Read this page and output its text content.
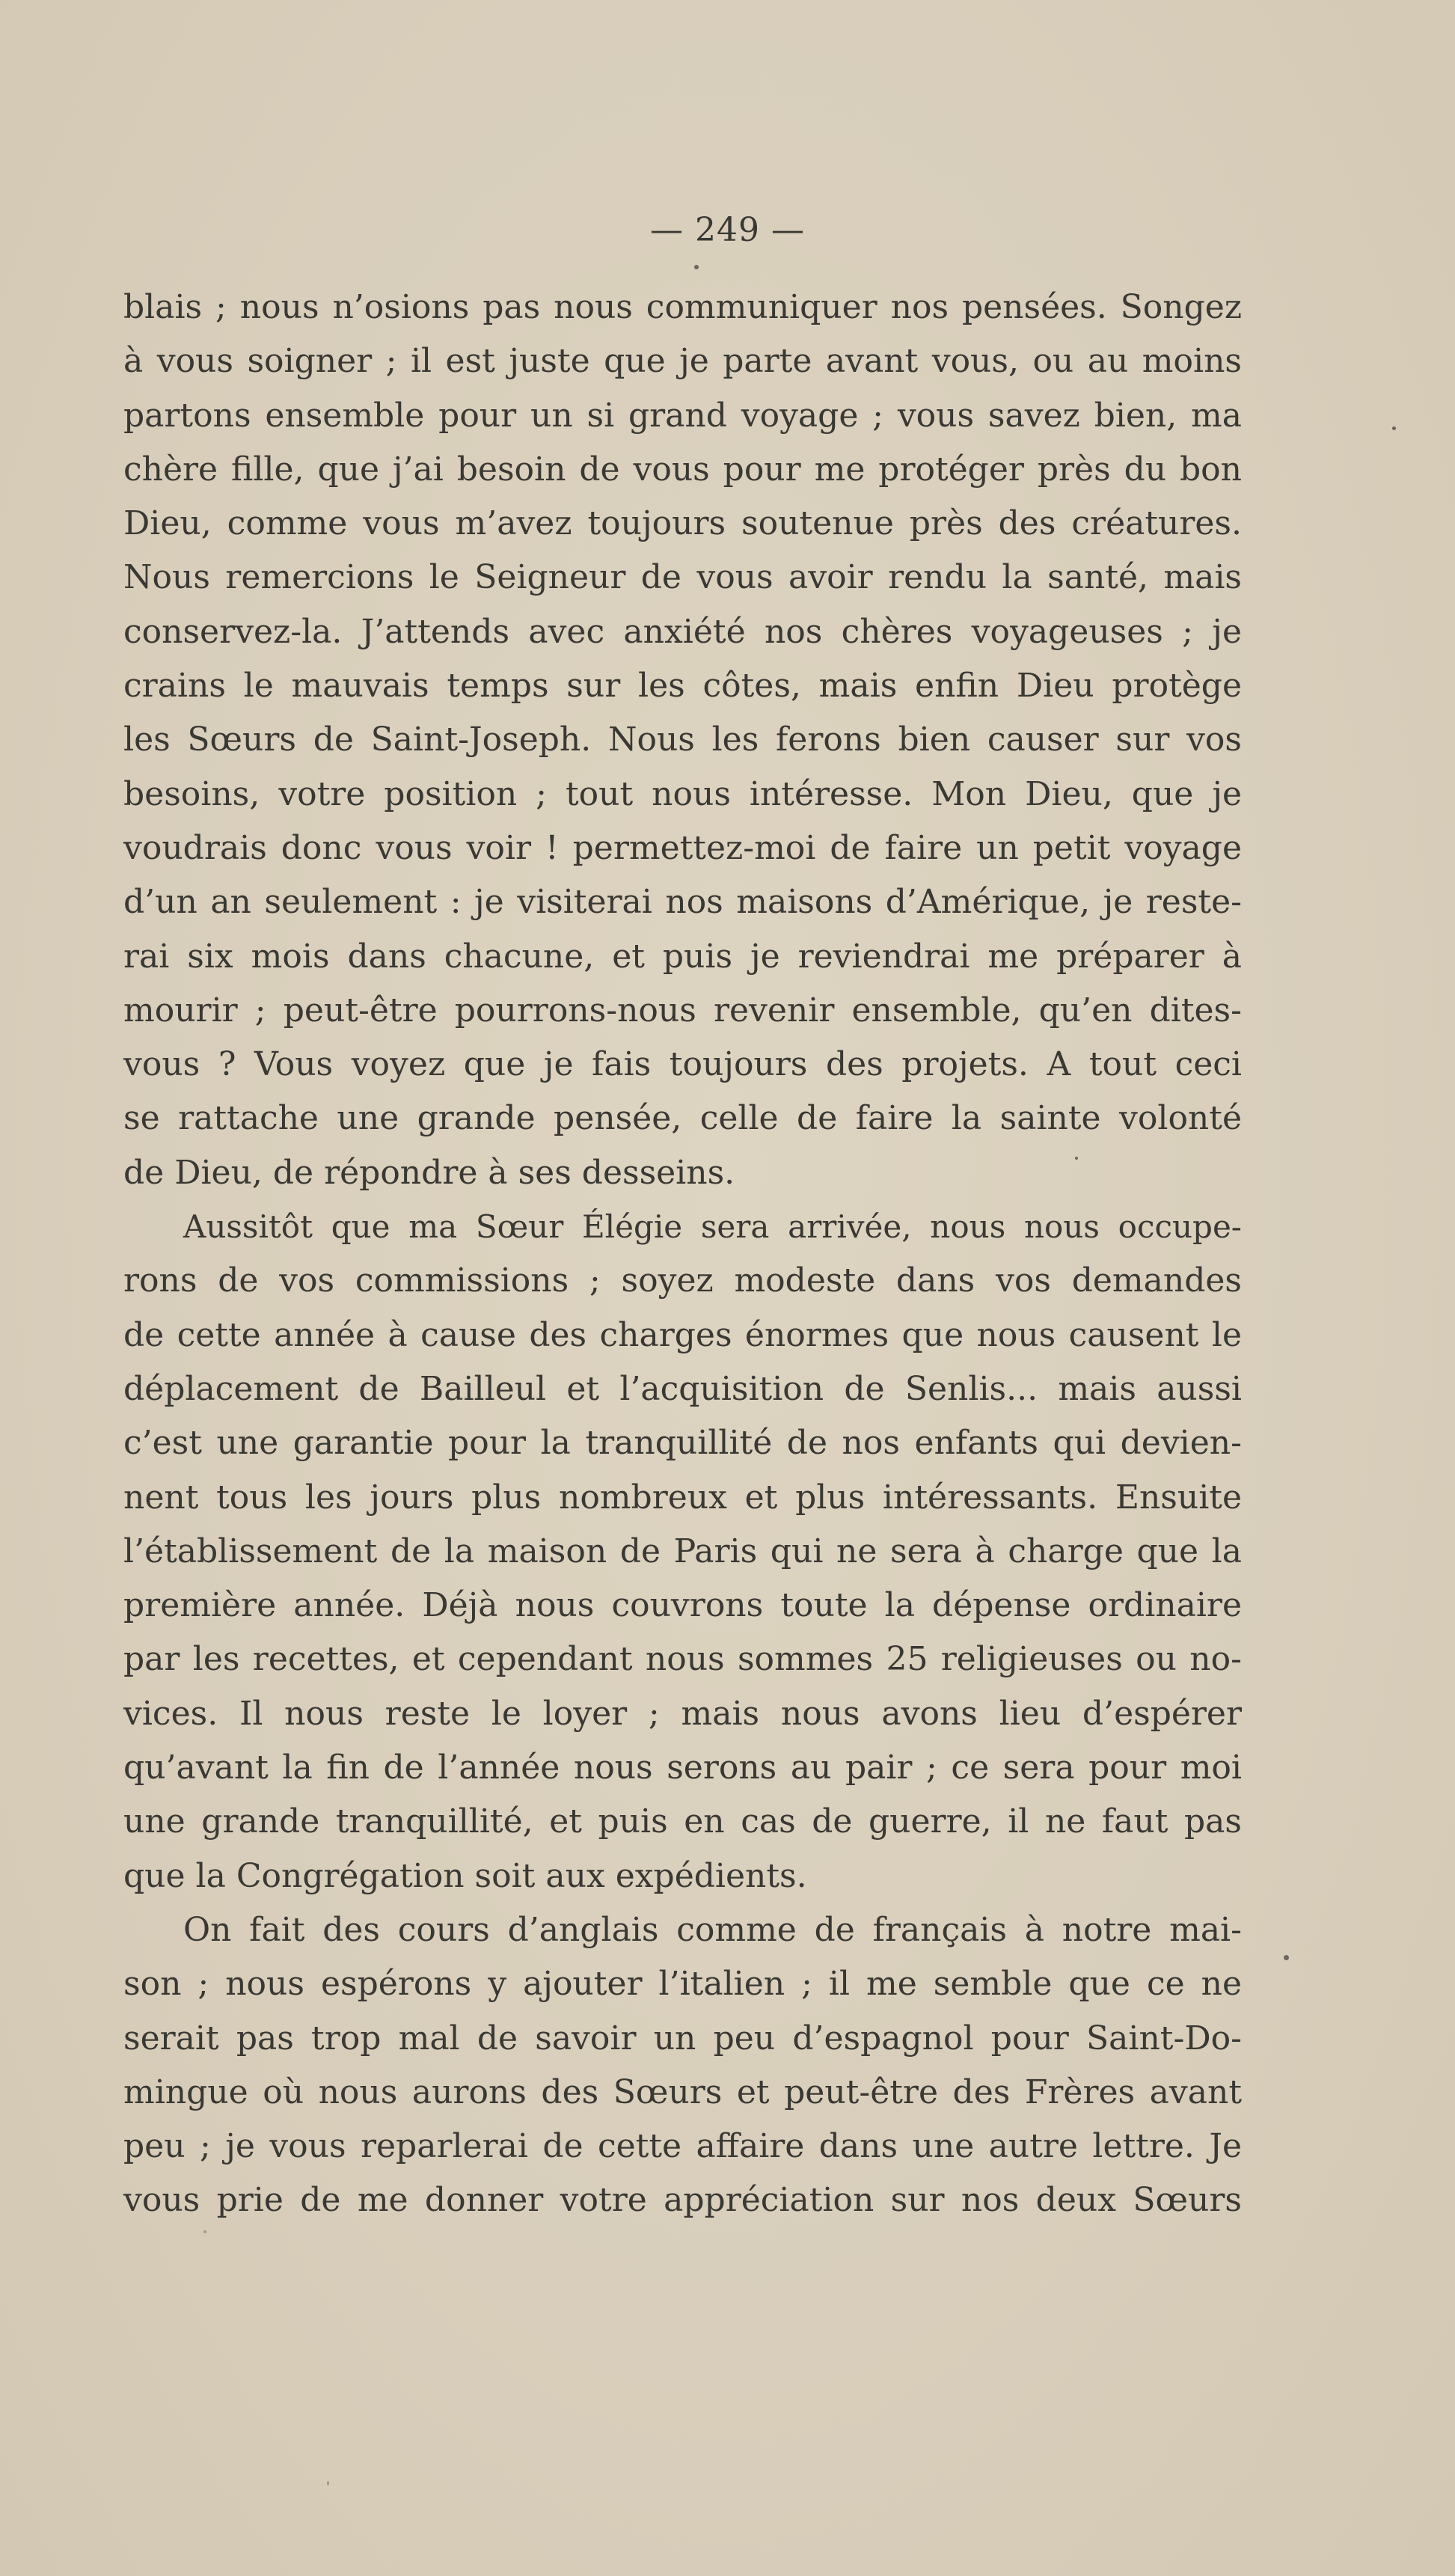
— 249 —
blais ; nous n’osions pas nous communiquer nos pensées. Songez
à vous soigner ; il est juste que je parte avant vous, ou au moins
partons ensemble pour un si grand voyage ; vous savez bien, ma
chère fille, que j’ai besoin de vous pour me protéger près du bon
Dieu, comme vous m’avez toujours soutenue près des créatures.
Nous remercions le Seigneur de vous avoir rendu la santé, mais
conservez-la. J’attends avec anxiété nos chères voyageuses ; je
crains le mauvais temps sur les côtes, mais enfin Dieu protège
les Sœurs de Saint-Joseph. Nous les ferons bien causer sur vos
besoins, votre position ; tout nous intéresse. Mon Dieu, que je
voudrais donc vous voir ! permettez-moi de faire un petit voyage
d’un an seulement : je visiterai nos maisons d’Amérique, je reste-
rai six mois dans chacune, et puis je reviendrai me préparer à
mourir ; peut-être pourrons-nous revenir ensemble, qu’en dites-
vous ? Vous voyez que je fais toujours des projets. A tout ceci
se rattache une grande pensée, celle de faire la sainte volonté
de Dieu, de répondre à ses desseins.
Aussitôt que ma Sœur Élégie sera arrivée, nous nous occupe-
rons de vos commissions ; soyez modeste dans vos demandes
de cette année à cause des charges énormes que nous causent le
déplacement de Bailleul et l’acquisition de Senlis... mais aussi
c’est une garantie pour la tranquillité de nos enfants qui devien-
nent tous les jours plus nombreux et plus intéressants. Ensuite
l’établissement de la maison de Paris qui ne sera à charge que la
première année. Déjà nous couvrons toute la dépense ordinaire
par les recettes, et cependant nous sommes 25 religieuses ou no-
vices. Il nous reste le loyer ; mais nous avons lieu d’espérer
qu’avant la fin de l’année nous serons au pair ; ce sera pour moi
une grande tranquillité, et puis en cas de guerre, il ne faut pas
que la Congrégation soit aux expédients.
On fait des cours d’anglais comme de français à notre mai-
son ; nous espérons y ajouter l’italien ; il me semble que ce ne
serait pas trop mal de savoir un peu d’espagnol pour Saint-Do-
mingue où nous aurons des Sœurs et peut-être des Frères avant
peu ; je vous reparlerai de cette affaire dans une autre lettre. Je
vous prie de me donner votre appréciation sur nos deux Sœurs
